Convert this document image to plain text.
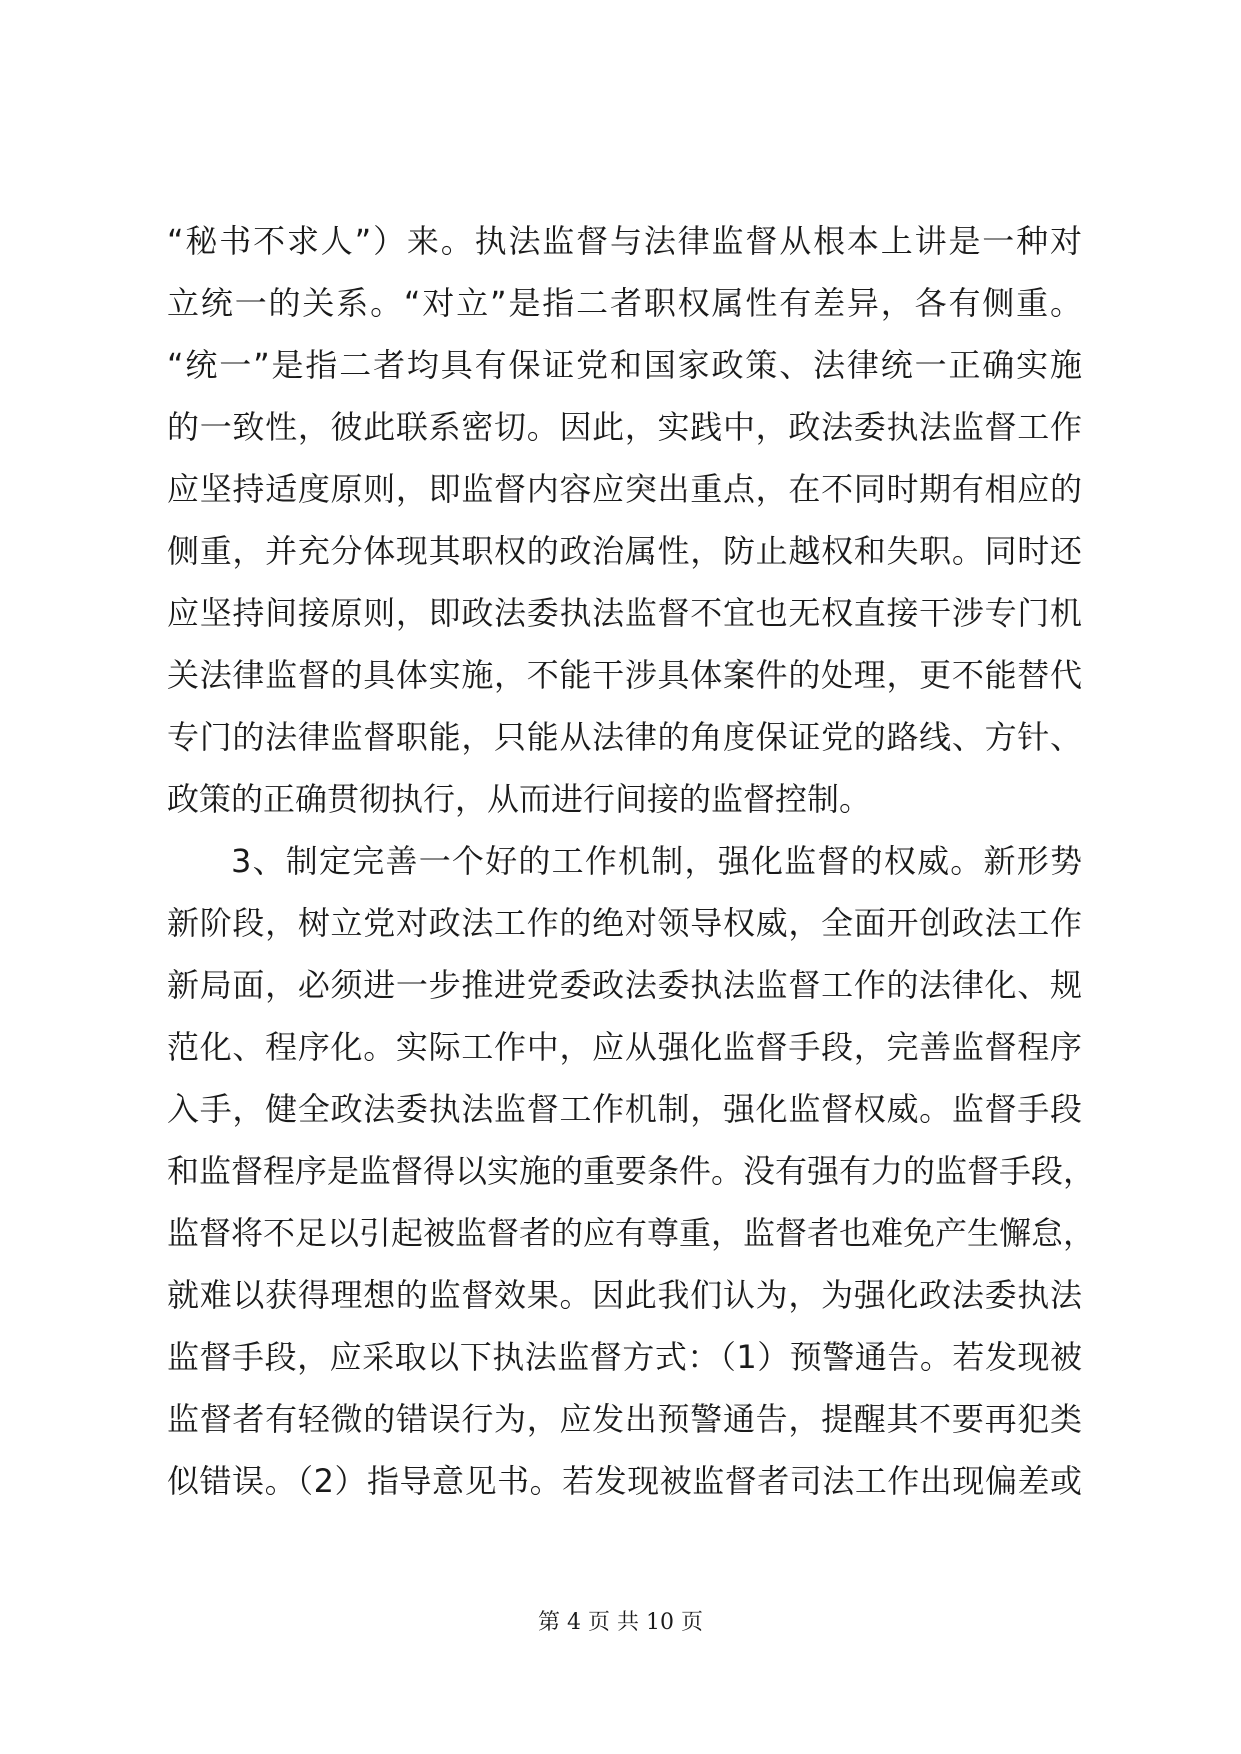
“秘书不求人”）来。执法监督与法律监督从根本上讲是一种对
立统一的关系。“对立”是指二者职权属性有差异，各有侧重。
“统一”是指二者均具有保证党和国家政策、法律统一正确实施
的一致性，彼此联系密切。因此，实践中，政法委执法监督工作
应坚持适度原则，即监督内容应突出重点，在不同时期有相应的
侧重，并充分体现其职权的政治属性，防止越权和失职。同时还
应坚持间接原则，即政法委执法监督不宜也无权直接干涉专门机
关法律监督的具体实施，不能干涉具体案件的处理，更不能替代
专门的法律监督职能，只能从法律的角度保证党的路线、方针、
政策的正确贯彻执行，从而进行间接的监督控制。
3、制定完善一个好的工作机制，强化监督的权威。新形势
新阶段，树立党对政法工作的绝对领导权威，全面开创政法工作
新局面，必须进一步推进党委政法委执法监督工作的法律化、规
范化、程序化。实际工作中，应从强化监督手段，完善监督程序
入手，健全政法委执法监督工作机制，强化监督权威。监督手段
和监督程序是监督得以实施的重要条件。没有强有力的监督手段，
监督将不足以引起被监督者的应有尊重，监督者也难免产生懈怠，
就难以获得理想的监督效果。因此我们认为，为强化政法委执法
监督手段，应采取以下执法监督方式：（1）预警通告。若发现被
监督者有轻微的错误行为，应发出预警通告，提醒其不要再犯类
似错误。（2）指导意见书。若发现被监督者司法工作出现偏差或
第 4 页 共 10 页
